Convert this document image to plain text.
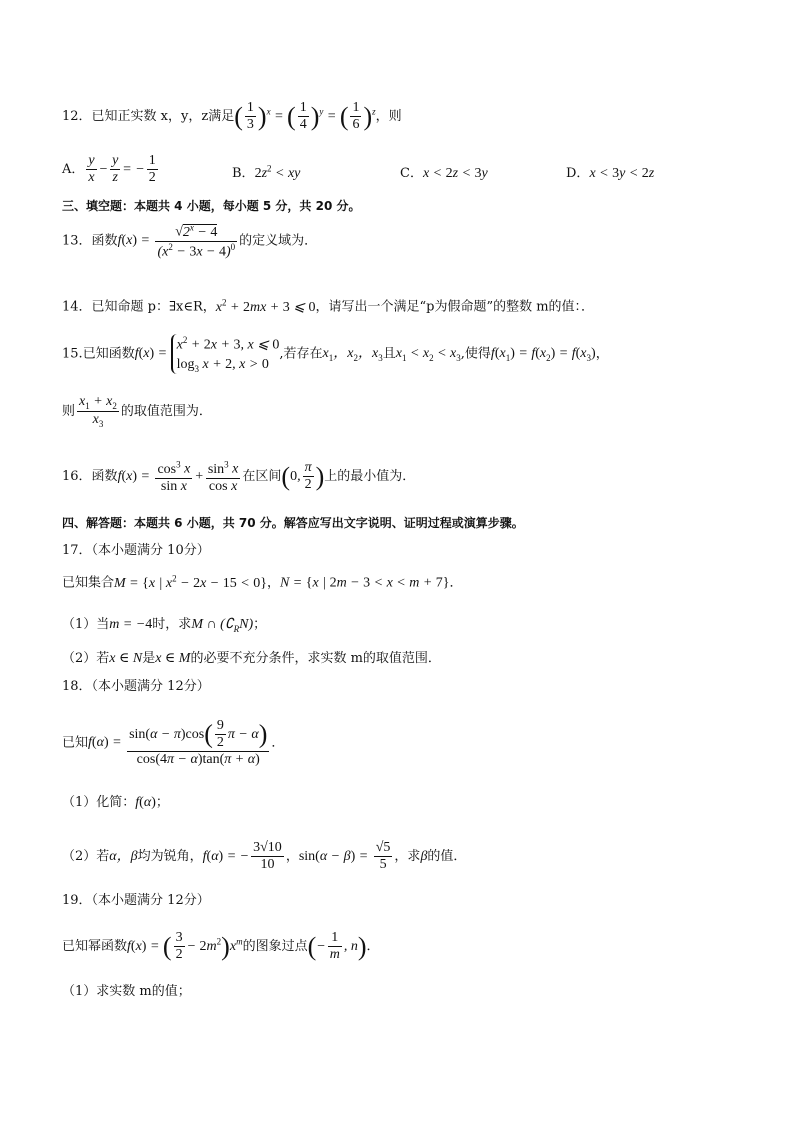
12．已知正实数 x，y，z满足( $\frac{1}{3} )^x$ = ( $\frac{1}{4} )^y$ = ( $\frac{1}{6} )^z$，则
A． $\frac{y}{x} - \frac{y}{z}$ = − $\frac{1}{2}$	B．$2z^2$ < xy	C．x < 2z < 3y	D．x < 3y < 2z
三、填空题：本题共 4 小题，每小题 5 分，共 20 分。
13．函数$f(x) = \frac{√2^x - 4}{(x^2 - 3x - 4)^0}$ 的定义域为．
14．已知命题 p：∃x∈R，$x^2 + 2mx + 3$ ⩽ 0，请写出一个满足“p为假命题”的整数 m的值：．
15.已知函数f(x) =
$x^2 + 2x + 3$, x ⩽ 0
$\log_3 x + 2$, x > 0
,若存在$x_1$，$x_2$，$x_3$且$x_1 < x_2 < x_3$,使得$f(x_1) = f(x_2) = f(x_3)$，
则 $\frac{x_1 + x_2}{x_3}$ 的取值范围为．
16．函数$f(x) = \frac{\cos^3 x}{\text{sin x}} + \frac{\sin^3 x}{\text{cos x}}$ 在区间(0, $\frac{\pi}{2}$ )上的最小值为．
四、解答题：本题共 6 小题，共 70 分。解答应写出文字说明、证明过程或演算步骤。
17．（本小题满分 10分）
已知集合M = {x | $x^2 - 2x - 15 < 0$}，N = {x | 2m − 3 < x < m + 7}．
（1）当m = −4时，求M ∩ $(∁_RN)$；
（2）若x ∈ N是x ∈ M的必要不充分条件，求实数 m的取值范围．
18．（本小题满分 12分）
已知$f(\alpha) = \frac{\sin(\alpha - \pi)\cos( \frac{9}{2} \pi - \alpha)}{\cos(4\pi - \alpha)\tan(\pi + \alpha)}$ ．
（1）化简：f(α)；
（2）若α，β均为锐角，f(α) = − $\frac{3√10}{10}$ ，$\sin(\alpha - \beta) = \frac{√5}{5}$ ，求β的值．
19．（本小题满分 12分）
已知幂函数f(x) = ( $\frac{3}{2} - 2m^2)x^m$的图象过点(− $\frac{1}{m}$ , n)．
（1）求实数 m的值；
